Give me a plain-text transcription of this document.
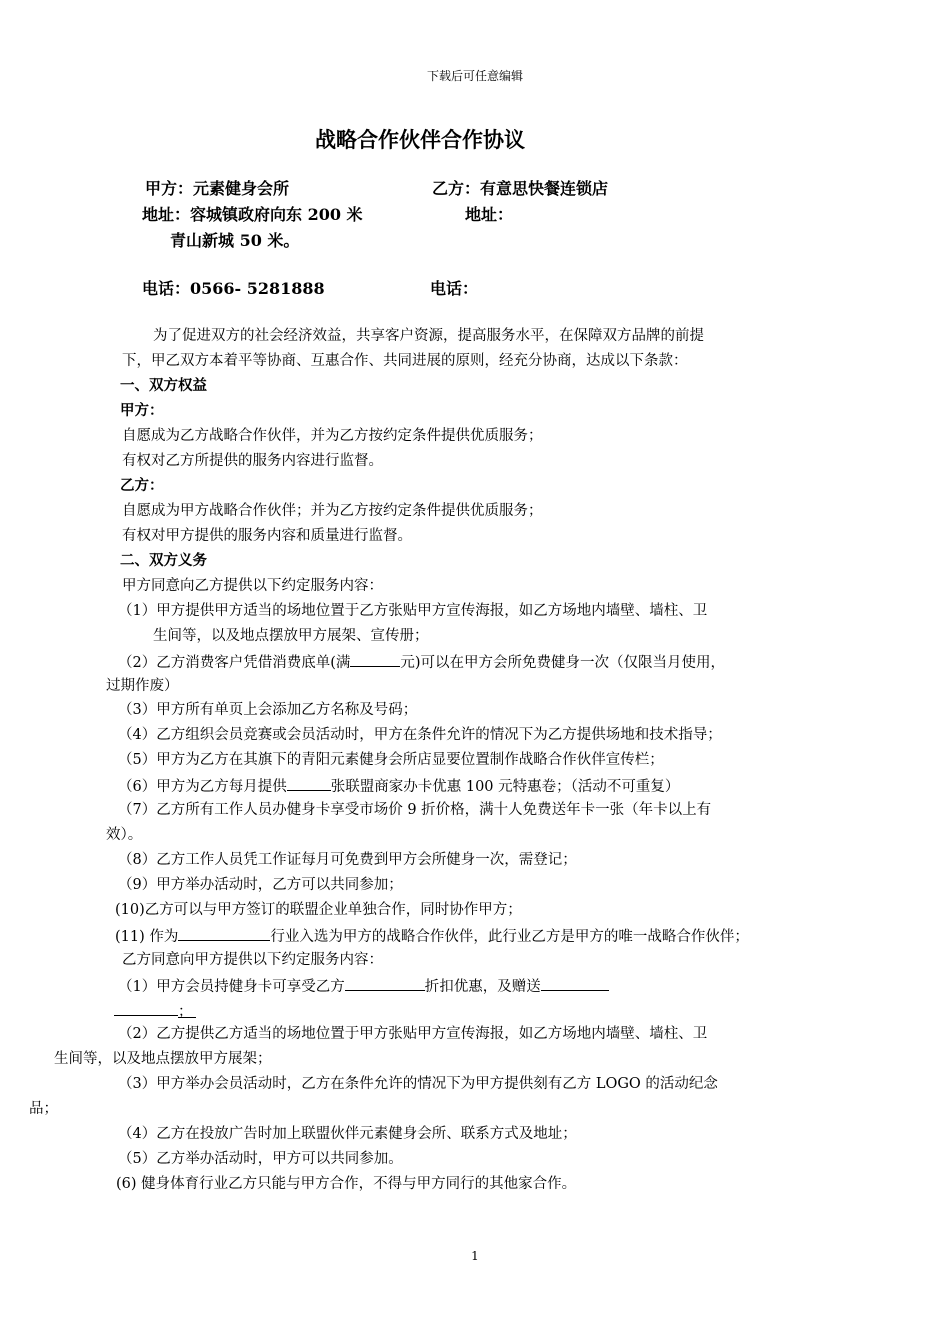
下载后可任意编辑
战略合作伙伴合作协议
甲方：元素健身会所	乙方：有意思快餐连锁店
地址：容城镇政府向东 200 米	地址：
青山新城 50 米。
电话：0566- 5281888	电话：
为了促进双方的社会经济效益，共享客户资源，提高服务水平，在保障双方品牌的前提
下，甲乙双方本着平等协商、互惠合作、共同进展的原则，经充分协商，达成以下条款：
一、双方权益
甲方：
自愿成为乙方战略合作伙伴，并为乙方按约定条件提供优质服务；
有权对乙方所提供的服务内容进行监督。
乙方：
自愿成为甲方战略合作伙伴；并为乙方按约定条件提供优质服务；
有权对甲方提供的服务内容和质量进行监督。
二、双方义务
甲方同意向乙方提供以下约定服务内容：
（1）甲方提供甲方适当的场地位置于乙方张贴甲方宣传海报，如乙方场地内墙壁、墙柱、卫
生间等，以及地点摆放甲方展架、宣传册；
（2）乙方消费客户凭借消费底单(满	元)可以在甲方会所免费健身一次（仅限当月使用，
过期作废）
（3）甲方所有单页上会添加乙方名称及号码；
（4）乙方组织会员竞赛或会员活动时，甲方在条件允许的情况下为乙方提供场地和技术指导；
（5）甲方为乙方在其旗下的青阳元素健身会所店显要位置制作战略合作伙伴宣传栏；
（6）甲方为乙方每月提供	张联盟商家办卡优惠 100 元特惠卷；（活动不可重复）
（7）乙方所有工作人员办健身卡享受市场价 9 折价格，满十人免费送年卡一张（年卡以上有
效）。
（8）乙方工作人员凭工作证每月可免费到甲方会所健身一次，需登记；
（9）甲方举办活动时，乙方可以共同参加；
(10)乙方可以与甲方签订的联盟企业单独合作，同时协作甲方；
(11) 作为	行业入选为甲方的战略合作伙伴，此行业乙方是甲方的唯一战略合作伙伴；
乙方同意向甲方提供以下约定服务内容：
（1）甲方会员持健身卡可享受乙方	折扣优惠，及赠送
；
（2）乙方提供乙方适当的场地位置于甲方张贴甲方宣传海报，如乙方场地内墙壁、墙柱、卫
生间等，以及地点摆放甲方展架；
（3）甲方举办会员活动时，乙方在条件允许的情况下为甲方提供刻有乙方 LOGO 的活动纪念
品；
（4）乙方在投放广告时加上联盟伙伴元素健身会所、联系方式及地址；
（5）乙方举办活动时，甲方可以共同参加。
(6) 健身体育行业乙方只能与甲方合作，不得与甲方同行的其他家合作。
1
